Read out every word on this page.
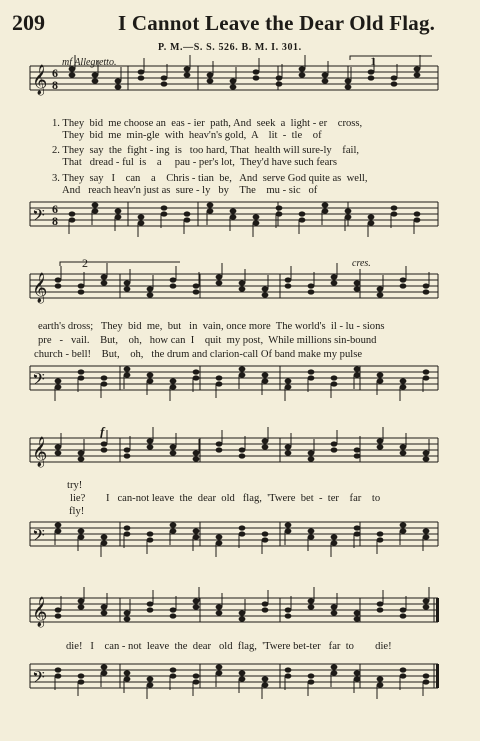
209	I Cannot Leave the Dear Old Flag.
P. M.—S. S. 526. B. M. I. 301.
𝄞 6
8
𝄢 6
8
𝄞
𝄢
𝄞
𝄢
𝄞
𝄢
mf Allegretto.	1
2	cres.
f
1. They  bid  me choose an  eas - ier  path, And  seek  a  light - er    cross,
They  bid  me  min-gle  with  heav'n's gold,  A    lit  -  tle    of
2. They  say  the  fight - ing  is   too hard, That  health will sure-ly    fail,
That   dread - ful  is    a     pau - per's lot,  They'd have such fears
3. They  say   I    can    a    Chris - tian  be,   And  serve God quite as  well,
And   reach heav'n just as  sure - ly   by    The    mu - sic   of
earth's dross;   They  bid  me,  but   in  vain, once more  The world's  il - lu - sions
pre   -   vail.    But,    oh,   how can  I    quit  my post,  While millions sin-bound
church - bell!    But,    oh,   the drum and clarion-call Of band make my pulse
try!
lie?
fly!
I   can-not leave  the  dear  old   flag,  'Twere  bet  -  ter    far    to
die!   I    can - not  leave  the  dear   old  flag,  'Twere bet-ter   far  to        die!
